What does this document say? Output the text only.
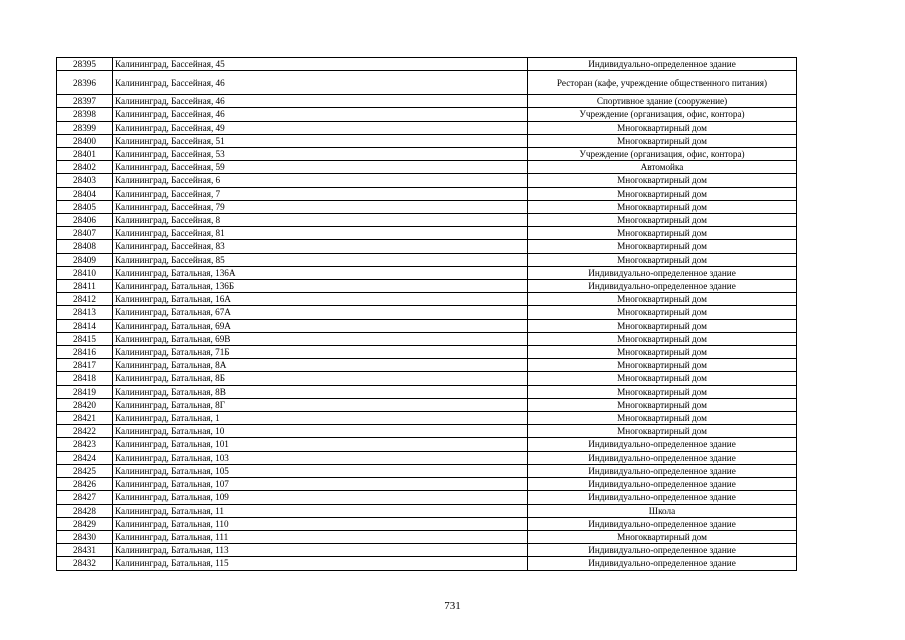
28395	Калининград, Бассейная, 45	Индивидуально-определенное здание
28396	Калининград, Бассейная, 46	Ресторан (кафе, учреждение общественного питания)
28397	Калининград, Бассейная, 46	Спортивное здание (сооружение)
28398	Калининград, Бассейная, 46	Учреждение (организация, офис, контора)
28399	Калининград, Бассейная, 49	Многоквартирный дом
28400	Калининград, Бассейная, 51	Многоквартирный дом
28401	Калининград, Бассейная, 53	Учреждение (организация, офис, контора)
28402	Калининград, Бассейная, 59	Автомойка
28403	Калининград, Бассейная, 6	Многоквартирный дом
28404	Калининград, Бассейная, 7	Многоквартирный дом
28405	Калининград, Бассейная, 79	Многоквартирный дом
28406	Калининград, Бассейная, 8	Многоквартирный дом
28407	Калининград, Бассейная, 81	Многоквартирный дом
28408	Калининград, Бассейная, 83	Многоквартирный дом
28409	Калининград, Бассейная, 85	Многоквартирный дом
28410	Калининград, Батальная, 136А	Индивидуально-определенное здание
28411	Калининград, Батальная, 136Б	Индивидуально-определенное здание
28412	Калининград, Батальная, 16А	Многоквартирный дом
28413	Калининград, Батальная, 67А	Многоквартирный дом
28414	Калининград, Батальная, 69А	Многоквартирный дом
28415	Калининград, Батальная, 69В	Многоквартирный дом
28416	Калининград, Батальная, 71Б	Многоквартирный дом
28417	Калининград, Батальная, 8А	Многоквартирный дом
28418	Калининград, Батальная, 8Б	Многоквартирный дом
28419	Калининград, Батальная, 8В	Многоквартирный дом
28420	Калининград, Батальная, 8Г	Многоквартирный дом
28421	Калининград, Батальная, 1	Многоквартирный дом
28422	Калининград, Батальная, 10	Многоквартирный дом
28423	Калининград, Батальная, 101	Индивидуально-определенное здание
28424	Калининград, Батальная, 103	Индивидуально-определенное здание
28425	Калининград, Батальная, 105	Индивидуально-определенное здание
28426	Калининград, Батальная, 107	Индивидуально-определенное здание
28427	Калининград, Батальная, 109	Индивидуально-определенное здание
28428	Калининград, Батальная, 11	Школа
28429	Калининград, Батальная, 110	Индивидуально-определенное здание
28430	Калининград, Батальная, 111	Многоквартирный дом
28431	Калининград, Батальная, 113	Индивидуально-определенное здание
28432	Калининград, Батальная, 115	Индивидуально-определенное здание
731
